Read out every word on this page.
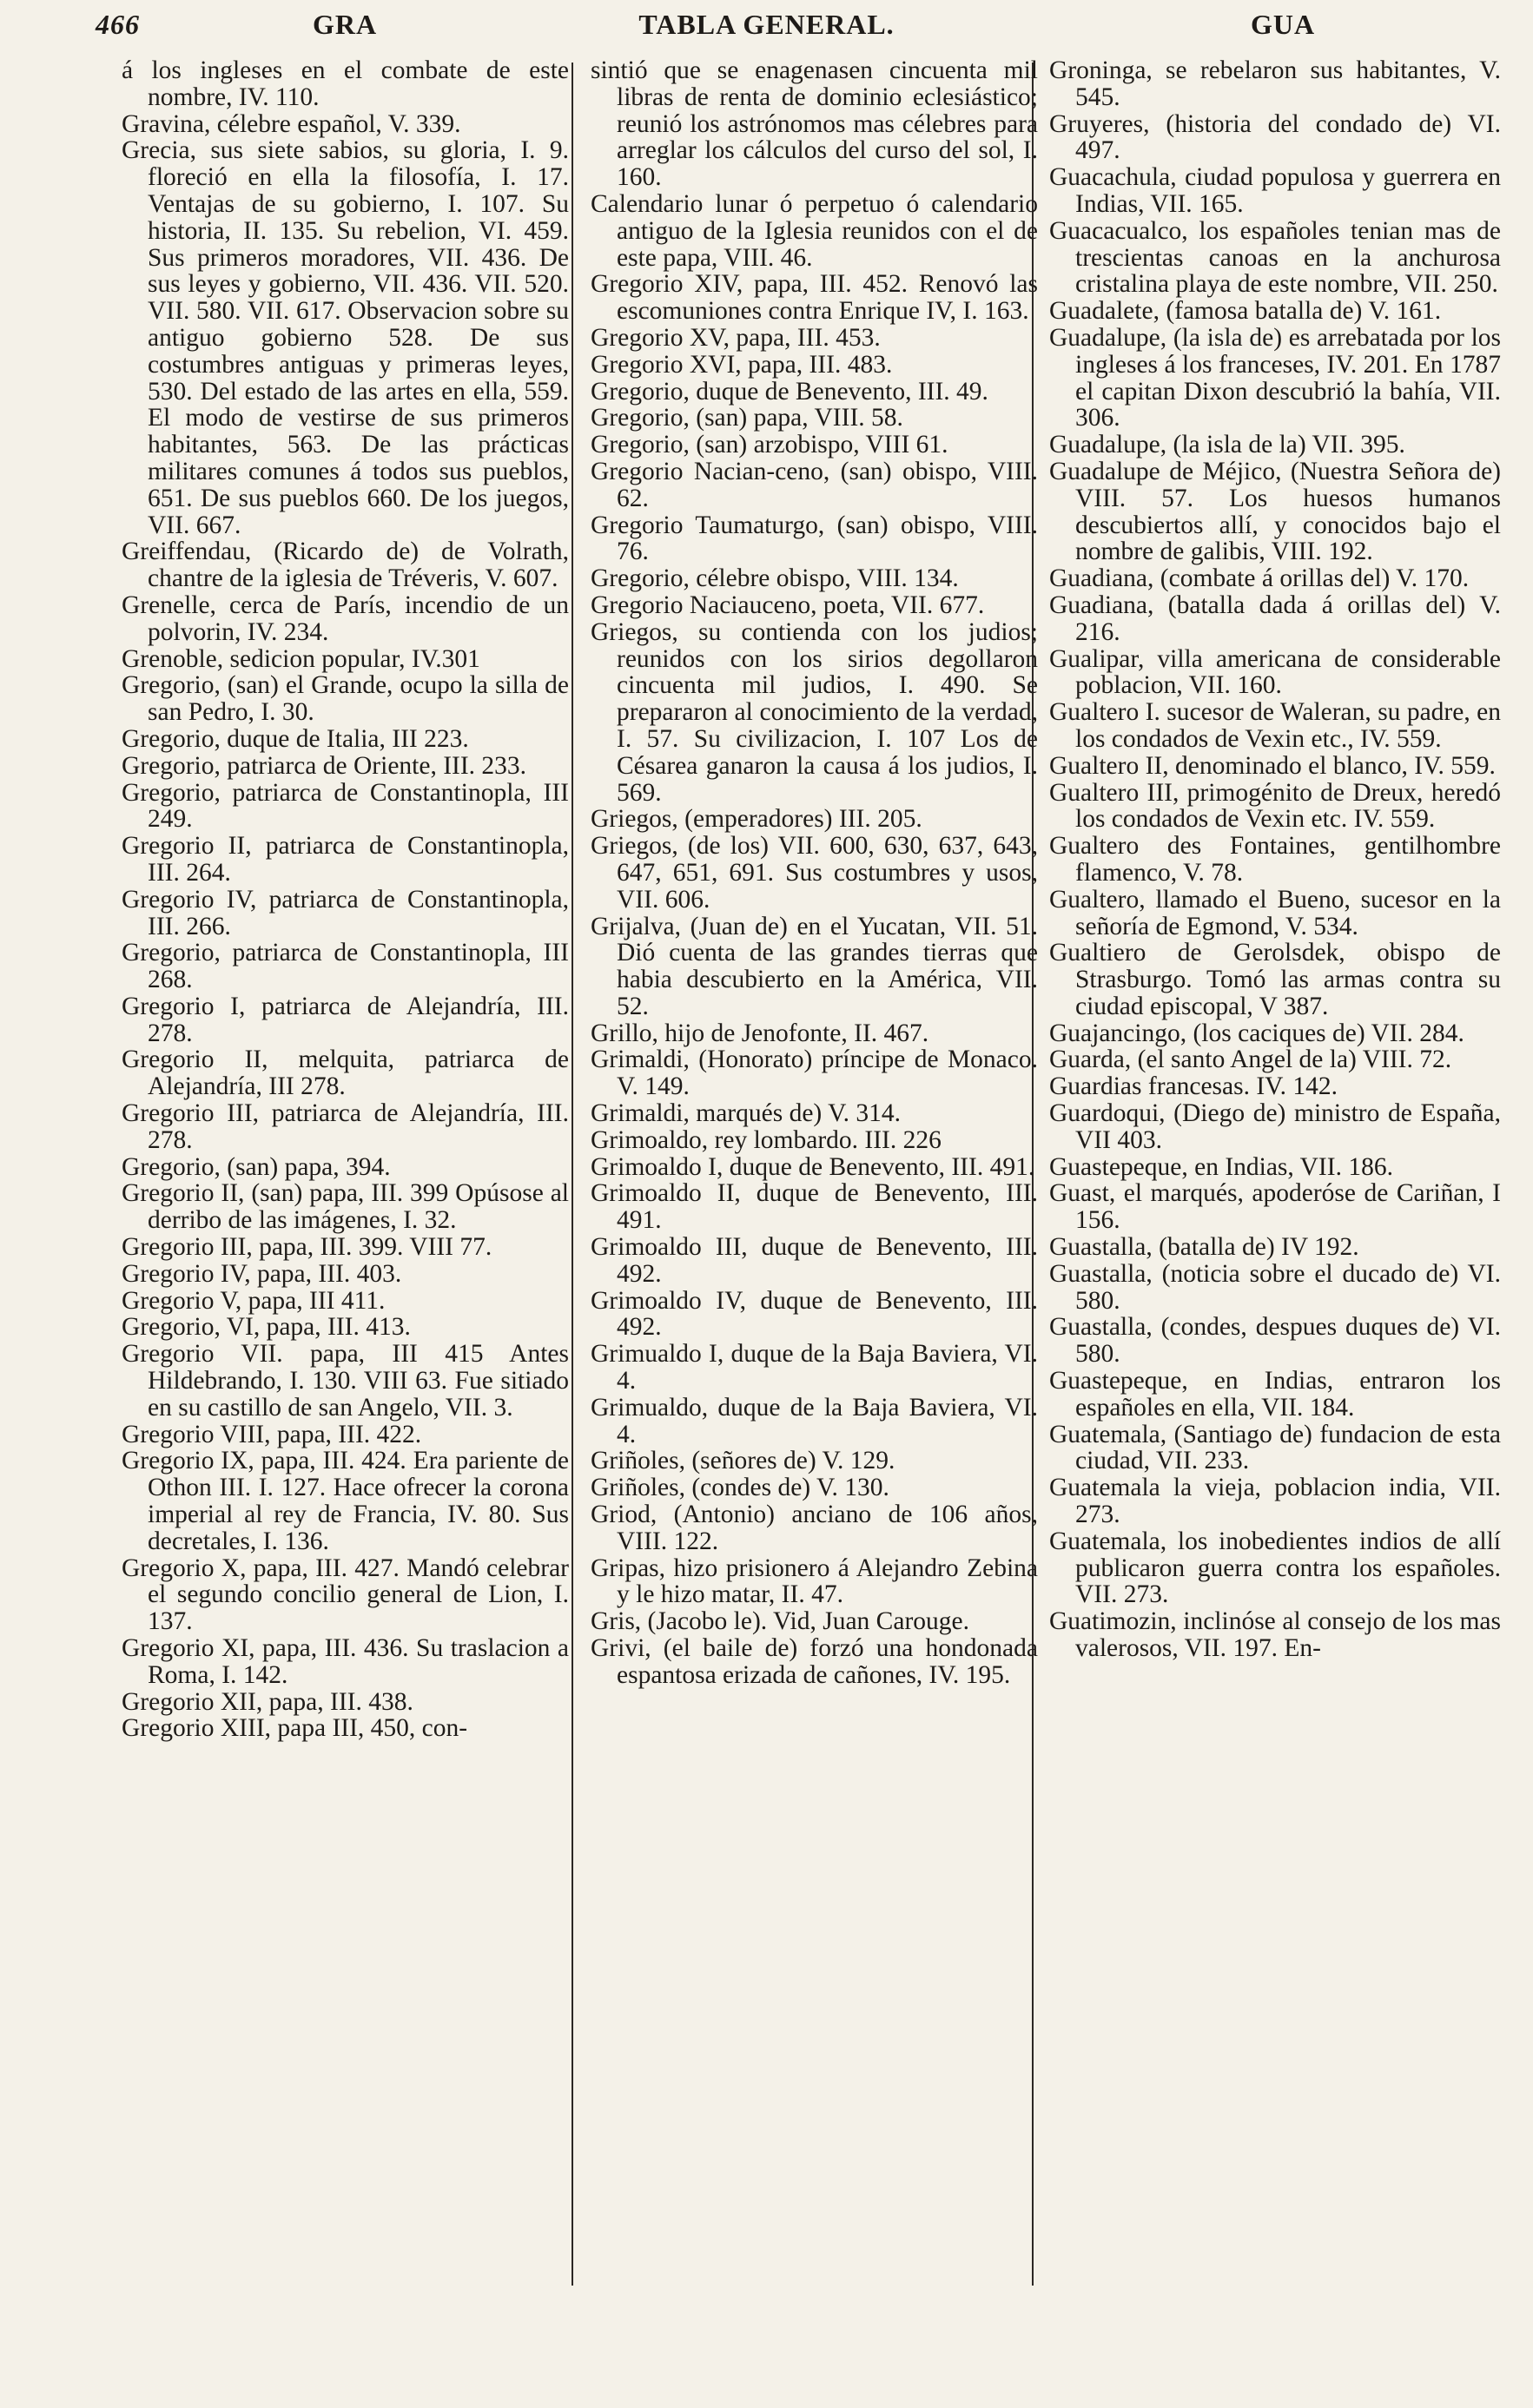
466	GRA	TABLA GENERAL.	GUA

á los ingleses en el combate de este nombre, IV. 110.

Gravina, célebre español, V. 339.

Grecia, sus siete sabios, su gloria, I. 9. floreció en ella la filosofía, I. 17. Ventajas de su gobierno, I. 107. Su historia, II. 135. Su rebelion, VI. 459. Sus primeros moradores, VII. 436. De sus leyes y gobierno, VII. 436. VII. 520. VII. 580. VII. 617. Observacion sobre su antiguo gobierno 528. De sus costumbres antiguas y primeras leyes, 530. Del estado de las artes en ella, 559. El modo de vestirse de sus primeros habitantes, 563. De las prácticas militares comunes á todos sus pueblos, 651. De sus pueblos 660. De los juegos, VII. 667.

Greiffendau, (Ricardo de) de Volrath, chantre de la iglesia de Tréveris, V. 607.

Grenelle, cerca de París, incendio de un polvorin, IV. 234.

Grenoble, sedicion popular, IV.301

Gregorio, (san) el Grande, ocupo la silla de san Pedro, I. 30.

Gregorio, duque de Italia, III 223.

Gregorio, patriarca de Oriente, III. 233.

Gregorio, patriarca de Constantinopla, III 249.

Gregorio II, patriarca de Constantinopla, III. 264.

Gregorio IV, patriarca de Constantinopla, III. 266.

Gregorio, patriarca de Constantinopla, III 268.

Gregorio I, patriarca de Alejandría, III. 278.

Gregorio II, melquita, patriarca de Alejandría, III 278.

Gregorio III, patriarca de Alejandría, III. 278.

Gregorio, (san) papa, 394.

Gregorio II, (san) papa, III. 399 Opúsose al derribo de las imágenes, I. 32.

Gregorio III, papa, III. 399. VIII 77.

Gregorio IV, papa, III. 403.

Gregorio V, papa, III 411.

Gregorio, VI, papa, III. 413.

Gregorio VII. papa, III 415 Antes Hildebrando, I. 130. VIII 63. Fue sitiado en su castillo de san Angelo, VII. 3.

Gregorio VIII, papa, III. 422.

Gregorio IX, papa, III. 424. Era pariente de Othon III. I. 127. Hace ofrecer la corona imperial al rey de Francia, IV. 80. Sus decretales, I. 136.

Gregorio X, papa, III. 427. Mandó celebrar el segundo concilio general de Lion, I. 137.

Gregorio XI, papa, III. 436. Su traslacion a Roma, I. 142.

Gregorio XII, papa, III. 438.

Gregorio XIII, papa III, 450, con-

sintió que se enagenasen cincuenta mil libras de renta de dominio eclesiástico; reunió los astrónomos mas célebres para arreglar los cálculos del curso del sol, I. 160.

Calendario lunar ó perpetuo ó calendario antiguo de la Iglesia reunidos con el de este papa, VIII. 46.

Gregorio XIV, papa, III. 452. Renovó las escomuniones contra Enrique IV, I. 163.

Gregorio XV, papa, III. 453.

Gregorio XVI, papa, III. 483.

Gregorio, duque de Benevento, III. 49.

Gregorio, (san) papa, VIII. 58.

Gregorio, (san) arzobispo, VIII 61.

Gregorio Nacian-ceno, (san) obispo, VIII. 62.

Gregorio Taumaturgo, (san) obispo, VIII. 76.

Gregorio, célebre obispo, VIII. 134.

Gregorio Naciauceno, poeta, VII. 677.

Griegos, su contienda con los judios; reunidos con los sirios degollaron cincuenta mil judios, I. 490. Se prepararon al conocimiento de la verdad, I. 57. Su civilizacion, I. 107 Los de Césarea ganaron la causa á los judios, I. 569.

Griegos, (emperadores) III. 205.

Griegos, (de los) VII. 600, 630, 637, 643, 647, 651, 691. Sus costumbres y usos, VII. 606.

Grijalva, (Juan de) en el Yucatan, VII. 51. Dió cuenta de las grandes tierras que habia descubierto en la América, VII. 52.

Grillo, hijo de Jenofonte, II. 467.

Grimaldi, (Honorato) príncipe de Monaco. V. 149.

Grimaldi, marqués de) V. 314.

Grimoaldo, rey lombardo. III. 226

Grimoaldo I, duque de Benevento, III. 491.

Grimoaldo II, duque de Benevento, III. 491.

Grimoaldo III, duque de Benevento, III. 492.

Grimoaldo IV, duque de Benevento, III. 492.

Grimualdo I, duque de la Baja Baviera, VI. 4.

Grimualdo, duque de la Baja Baviera, VI. 4.

Griñoles, (señores de) V. 129.

Griñoles, (condes de) V. 130.

Griod, (Antonio) anciano de 106 años, VIII. 122.

Gripas, hizo prisionero á Alejandro Zebina y le hizo matar, II. 47.

Gris, (Jacobo le). Vid, Juan Carouge.

Grivi, (el baile de) forzó una hondonada espantosa erizada de cañones, IV. 195.

Groninga, se rebelaron sus habitantes, V. 545.

Gruyeres, (historia del condado de) VI. 497.

Guacachula, ciudad populosa y guerrera en Indias, VII. 165.

Guacacualco, los españoles tenian mas de trescientas canoas en la anchurosa cristalina playa de este nombre, VII. 250.

Guadalete, (famosa batalla de) V. 161.

Guadalupe, (la isla de) es arrebatada por los ingleses á los franceses, IV. 201. En 1787 el capitan Dixon descubrió la bahía, VII. 306.

Guadalupe, (la isla de la) VII. 395.

Guadalupe de Méjico, (Nuestra Señora de) VIII. 57. Los huesos humanos descubiertos allí, y conocidos bajo el nombre de galibis, VIII. 192.

Guadiana, (combate á orillas del) V. 170.

Guadiana, (batalla dada á orillas del) V. 216.

Gualipar, villa americana de considerable poblacion, VII. 160.

Gualtero I. sucesor de Waleran, su padre, en los condados de Vexin etc., IV. 559.

Gualtero II, denominado el blanco, IV. 559.

Gualtero III, primogénito de Dreux, heredó los condados de Vexin etc. IV. 559.

Gualtero des Fontaines, gentilhombre flamenco, V. 78.

Gualtero, llamado el Bueno, sucesor en la señoría de Egmond, V. 534.

Gualtiero de Gerolsdek, obispo de Strasburgo. Tomó las armas contra su ciudad episcopal, V 387.

Guajancingo, (los caciques de) VII. 284.

Guarda, (el santo Angel de la) VIII. 72.

Guardias francesas. IV. 142.

Guardoqui, (Diego de) ministro de España, VII 403.

Guastepeque, en Indias, VII. 186.

Guast, el marqués, apoderóse de Cariñan, I 156.

Guastalla, (batalla de) IV 192.

Guastalla, (noticia sobre el ducado de) VI. 580.

Guastalla, (condes, despues duques de) VI. 580.

Guastepeque, en Indias, entraron los españoles en ella, VII. 184.

Guatemala, (Santiago de) fundacion de esta ciudad, VII. 233.

Guatemala la vieja, poblacion india, VII. 273.

Guatemala, los inobedientes indios de allí publicaron guerra contra los españoles. VII. 273.

Guatimozin, inclinóse al consejo de los mas valerosos, VII. 197. En-
